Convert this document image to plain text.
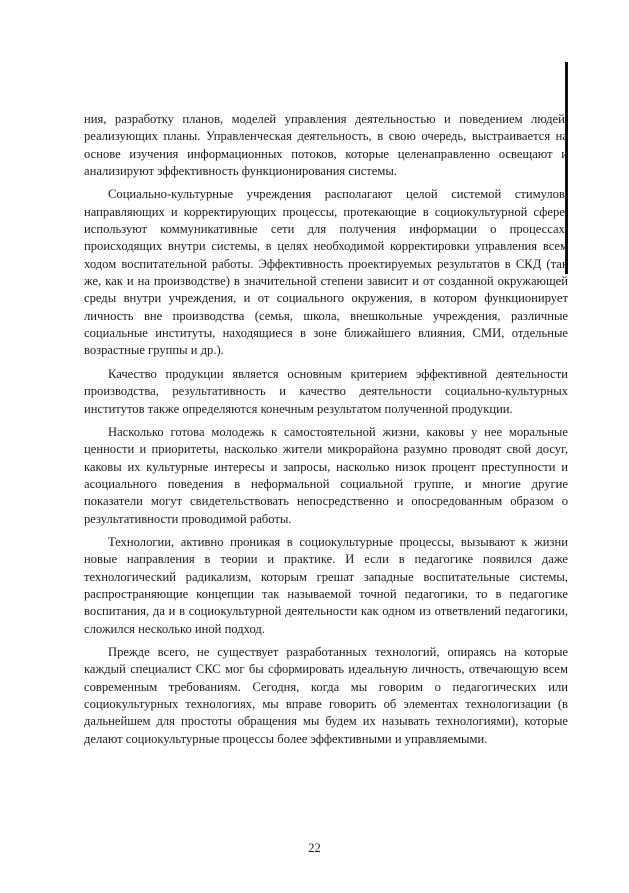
ния, разработку планов, моделей управления деятельностью и поведением людей, реализующих планы. Управленческая деятельность, в свою очередь, выстраивается на основе изучения информационных потоков, которые целенаправленно освещают и анализируют эффективность функционирования системы.

Социально-культурные учреждения располагают целой системой стимулов, направляющих и корректирующих процессы, протекающие в социокультурной сфере, используют коммуникативные сети для получения информации о процессах, происходящих внутри системы, в целях необходимой корректировки управления всем ходом воспитательной работы. Эффективность проектируемых результатов в СКД (так же, как и на производстве) в значительной степени зависит и от созданной окружающей среды внутри учреждения, и от социального окружения, в котором функционирует личность вне производства (семья, школа, внешкольные учреждения, различные социальные институты, находящиеся в зоне ближайшего влияния, СМИ, отдельные возрастные группы и др.).

Качество продукции является основным критерием эффективной деятельности производства, результативность и качество деятельности социально-культурных институтов также определяются конечным результатом полученной продукции.

Насколько готова молодежь к самостоятельной жизни, каковы у нее моральные ценности и приоритеты, насколько жители микрорайона разумно проводят свой досуг, каковы их культурные интересы и запросы, насколько низок процент преступности и асоциального поведения в неформальной социальной группе, и многие другие показатели могут свидетельствовать непосредственно и опосредованным образом о результативности проводимой работы.

Технологии, активно проникая в социокультурные процессы, вызывают к жизни новые направления в теории и практике. И если в педагогике появился даже технологический радикализм, которым грешат западные воспитательные системы, распространяющие концепции так называемой точной педагогики, то в педагогике воспитания, да и в социокультурной деятельности как одном из ответвлений педагогики, сложился несколько иной подход.

Прежде всего, не существует разработанных технологий, опираясь на которые каждый специалист СКС мог бы сформировать идеальную личность, отвечающую всем современным требованиям. Сегодня, когда мы говорим о педагогических или социокультурных технологиях, мы вправе говорить об элементах технологизации (в дальнейшем для простоты обращения мы будем их называть технологиями), которые делают социокультурные процессы более эффективными и управляемыми.

22
